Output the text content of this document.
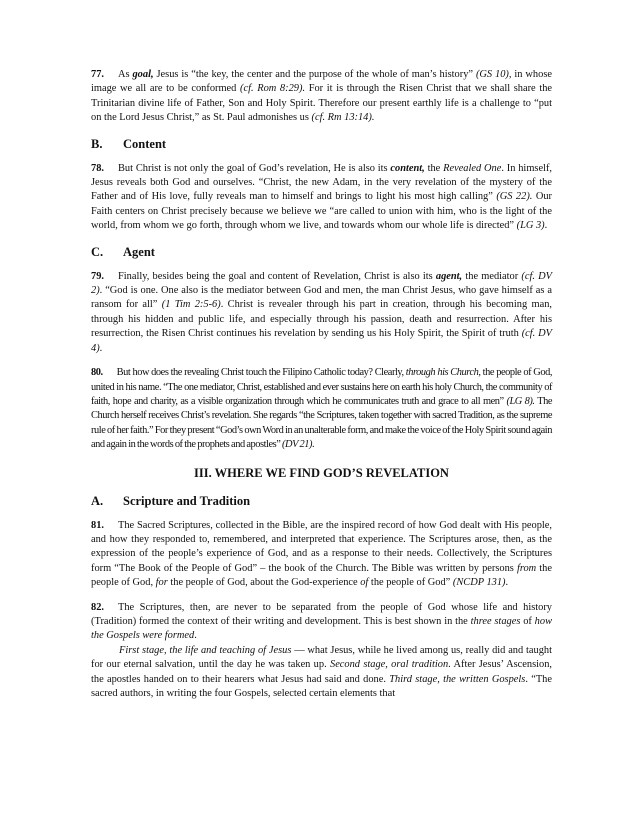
77. As goal, Jesus is “the key, the center and the purpose of the whole of man’s history” (GS 10), in whose image we all are to be conformed (cf. Rom 8:29). For it is through the Risen Christ that we shall share the Trinitarian divine life of Father, Son and Holy Spirit. Therefore our present earthly life is a challenge to “put on the Lord Jesus Christ,” as St. Paul admonishes us (cf. Rm 13:14).

B. Content

78. But Christ is not only the goal of God’s revelation, He is also its content, the Revealed One. In himself, Jesus reveals both God and ourselves. “Christ, the new Adam, in the very revelation of the mystery of the Father and of His love, fully reveals man to himself and brings to light his most high calling” (GS 22). Our Faith centers on Christ precisely because we believe we “are called to union with him, who is the light of the world, from whom we go forth, through whom we live, and towards whom our whole life is directed” (LG 3).

C. Agent

79. Finally, besides being the goal and content of Revelation, Christ is also its agent, the mediator (cf. DV 2). “God is one. One also is the mediator between God and men, the man Christ Jesus, who gave himself as a ransom for all” (1 Tim 2:5-6). Christ is revealer through his part in creation, through his becoming man, through his hidden and public life, and especially through his passion, death and resurrection. After his resurrection, the Risen Christ continues his revelation by sending us his Holy Spirit, the Spirit of truth (cf. DV 4).

80. But how does the revealing Christ touch the Filipino Catholic today? Clearly, through his Church, the people of God, united in his name. “The one mediator, Christ, established and ever sustains here on earth his holy Church, the community of faith, hope and charity, as a visible organization through which he communicates truth and grace to all men” (LG 8). The Church herself receives Christ’s revelation. She regards “the Scriptures, taken together with sacred Tradition, as the supreme rule of her faith.” For they present “God’s own Word in an unalterable form, and make the voice of the Holy Spirit sound again and again in the words of the prophets and apostles” (DV 21).

III. WHERE WE FIND GOD’S REVELATION
A. Scripture and Tradition

81. The Sacred Scriptures, collected in the Bible, are the inspired record of how God dealt with His people, and how they responded to, remembered, and interpreted that experience. The Scriptures arose, then, as the expression of the people’s experience of God, and as a response to their needs. Collectively, the Scriptures form “The Book of the People of God” – the book of the Church. The Bible was written by persons from the people of God, for the people of God, about the God-experience of the people of God” (NCDP 131).

82. The Scriptures, then, are never to be separated from the people of God whose life and history (Tradition) formed the context of their writing and development. This is best shown in the three stages of how the Gospels were formed.

First stage, the life and teaching of Jesus — what Jesus, while he lived among us, really did and taught for our eternal salvation, until the day he was taken up. Second stage, oral tradition. After Jesus’ Ascension, the apostles handed on to their hearers what Jesus had said and done. Third stage, the written Gospels. “The sacred authors, in writing the four Gospels, selected certain elements that
